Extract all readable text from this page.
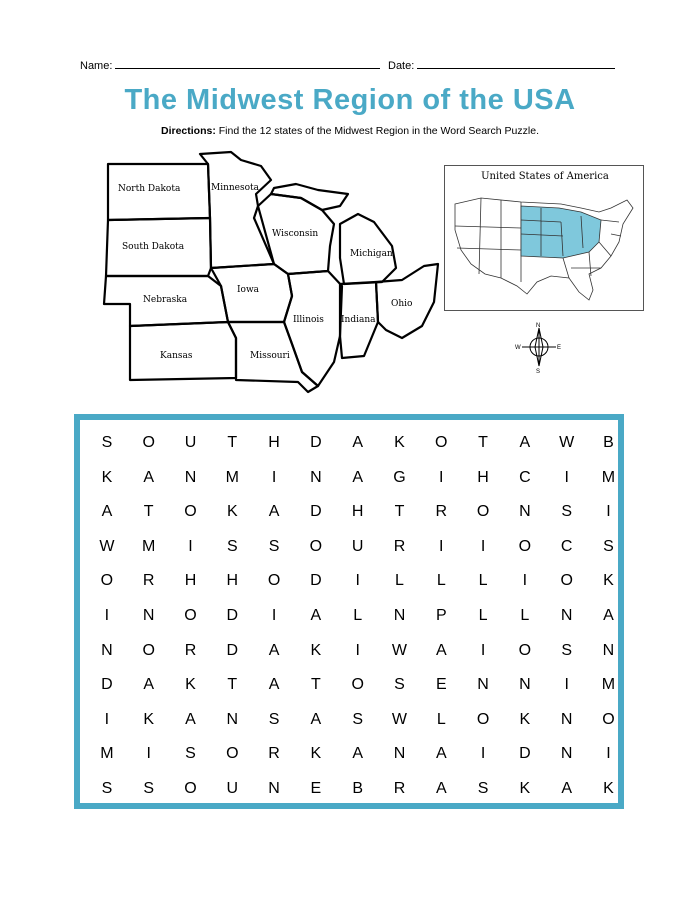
Name:	Date:
The Midwest Region of the USA
Directions: Find the 12 states of the Midwest Region in the Word Search Puzzle.
North Dakota	Minnesota
South Dakota
Wisconsin
Michigan
Nebraska
Iowa
Illinois Indiana
Ohio
Kansas	Missouri
United States of America
N
S
E
W
S	O	U	T	H	D	A	K	O	T	A	W	B
K	A	N	M	I	N	A	G	I	H	C	I	M
A	T	O	K	A	D	H	T	R	O	N	S	I
W	M	I	S	S	O	U	R	I	I	O	C	S
O	R	H	H	O	D	I	L	L	L	I	O	K
I	N	O	D	I	A	L	N	P	L	L	N	A
N	O	R	D	A	K	I	W	A	I	O	S	N
D	A	K	T	A	T	O	S	E	N	N	I	M
I	K	A	N	S	A	S	W	L	O	K	N	O
M	I	S	O	R	K	A	N	A	I	D	N	I
S	S	O	U	N	E	B	R	A	S	K	A	K
